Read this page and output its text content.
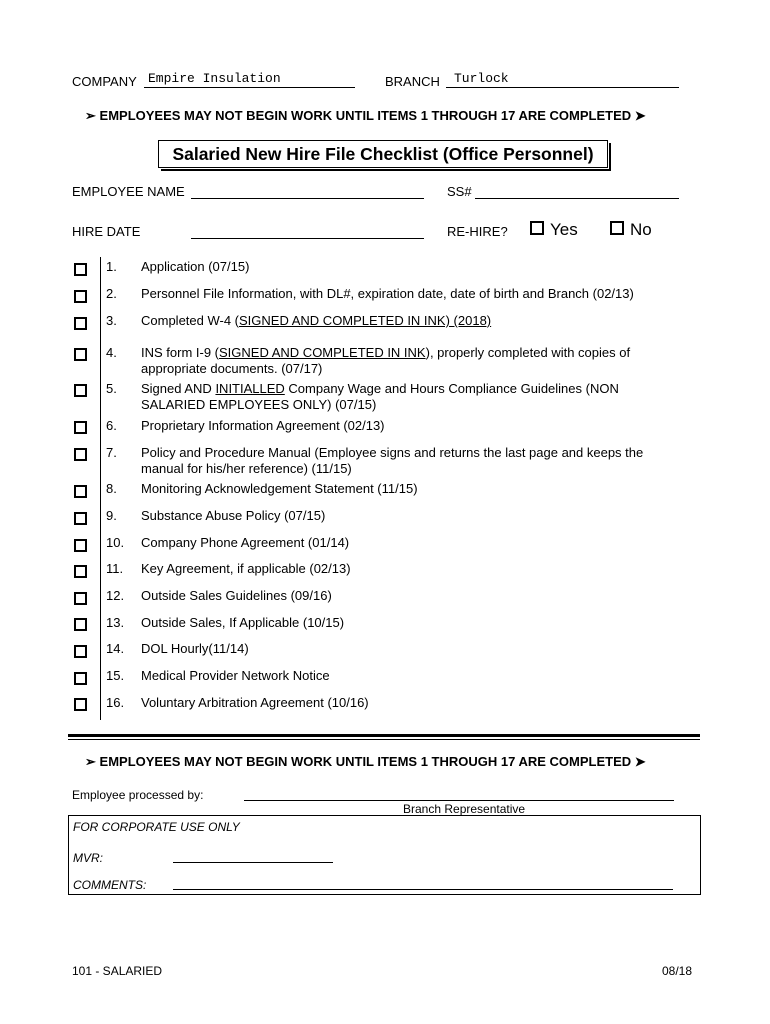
COMPANY Empire Insulation	BRANCH Turlock
➢ EMPLOYEES MAY NOT BEGIN WORK UNTIL ITEMS 1 THROUGH 17 ARE COMPLETED ➤
Salaried New Hire File Checklist (Office Personnel)
EMPLOYEE NAME	SS#
HIRE DATE	RE-HIRE? Yes	No
1. Application (07/15)
2. Personnel File Information, with DL#, expiration date, date of birth and Branch (02/13)
3. Completed W-4 (SIGNED AND COMPLETED IN INK) (2018)
4. INS form I-9 (SIGNED AND COMPLETED IN INK), properly completed with copies of
appropriate documents. (07/17)
5. Signed AND INITIALLED Company Wage and Hours Compliance Guidelines (NON
SALARIED EMPLOYEES ONLY) (07/15)
6. Proprietary Information Agreement (02/13)
7. Policy and Procedure Manual (Employee signs and returns the last page and keeps the
manual for his/her reference) (11/15)
8. Monitoring Acknowledgement Statement (11/15)
9. Substance Abuse Policy (07/15)
10. Company Phone Agreement (01/14)
11. Key Agreement, if applicable (02/13)
12. Outside Sales Guidelines (09/16)
13. Outside Sales, If Applicable (10/15)
14. DOL Hourly(11/14)
15. Medical Provider Network Notice
16. Voluntary Arbitration Agreement (10/16)
➢ EMPLOYEES MAY NOT BEGIN WORK UNTIL ITEMS 1 THROUGH 17 ARE COMPLETED ➤
Employee processed by:
Branch Representative
FOR CORPORATE USE ONLY
MVR:
COMMENTS:
101 - SALARIED	08/18
